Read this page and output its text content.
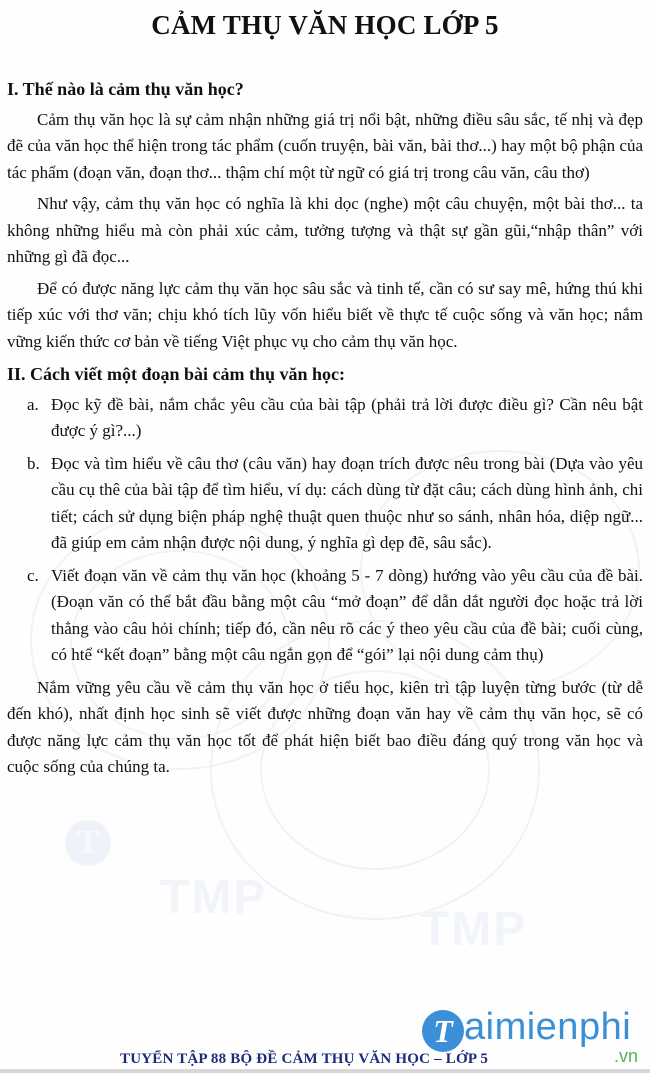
T
TMP
TMP
CẢM THỤ VĂN HỌC LỚP 5
I. Thế nào là cảm thụ văn học?

Cảm thụ văn học là sự cảm nhận những giá trị nổi bật, những điều sâu sắc, tế nhị và đẹp đẽ của văn học thể hiện trong tác phẩm (cuốn truyện, bài văn, bài thơ...) hay một bộ phận của tác phẩm (đoạn văn, đoạn thơ... thậm chí một từ ngữ có giá trị trong câu văn, câu thơ)

Như vậy, cảm thụ văn học có nghĩa là khi dọc (nghe) một câu chuyện, một bài thơ... ta không những hiểu mà còn phải xúc cảm, tưởng tượng và thật sự gần gũi,“nhập thân” với những gì đã đọc...

Để có được năng lực cảm thụ văn học sâu sắc và tinh tế, cần có sư say mê, hứng thú khi tiếp xúc với thơ văn; chịu khó tích lũy vốn hiểu biết về thực tế cuộc sống và văn học; nắm vững kiến thức cơ bản về tiếng Việt phục vụ cho cảm thụ văn học.

II. Cách viết một đoạn bài cảm thụ văn học:
a. Đọc kỹ đề bài, nắm chắc yêu cầu của bài tập (phải trả lời được điều gì? Cần nêu bật được ý gì?...)
b. Đọc và tìm hiểu về câu thơ (câu văn) hay đoạn trích được nêu trong bài (Dựa vào yêu cầu cụ thê của bài tập để tìm hiểu, ví dụ: cách dùng từ đặt câu; cách dùng hình ảnh, chi tiết; cách sử dụng biện pháp nghệ thuật quen thuộc như so sánh, nhân hóa, diệp ngữ... đã giúp em cảm nhận được nội dung, ý nghĩa gì dẹp đẽ, sâu sắc).
c. Viết đoạn văn về cảm thụ văn học (khoảng 5 - 7 dòng) hướng vào yêu cầu của đề bài. (Đoạn văn có thể bắt đầu bằng một câu “mở đoạn” để dẫn dắt người đọc hoặc trả lời thẳng vào câu hỏi chính; tiếp đó, cần nêu rõ các ý theo yêu cầu của đề bài; cuối cùng, có htể “kết đoạn” bằng một câu ngắn gọn để “gói” lại nội dung cảm thụ)

Nắm vững yêu cầu về cảm thụ văn học ở tiểu học, kiên trì tập luyện từng bước (từ dễ đến khó), nhất định học sinh sẽ viết được những đoạn văn hay về cảm thụ văn học, sẽ có được năng lực cảm thụ văn học tốt để phát hiện biết bao điều đáng quý trong văn học và cuộc sống của chúng ta.

T aimienphi
.vn
TUYỂN TẬP 88 BỘ ĐỀ CẢM THỤ VĂN HỌC – LỚP 5
